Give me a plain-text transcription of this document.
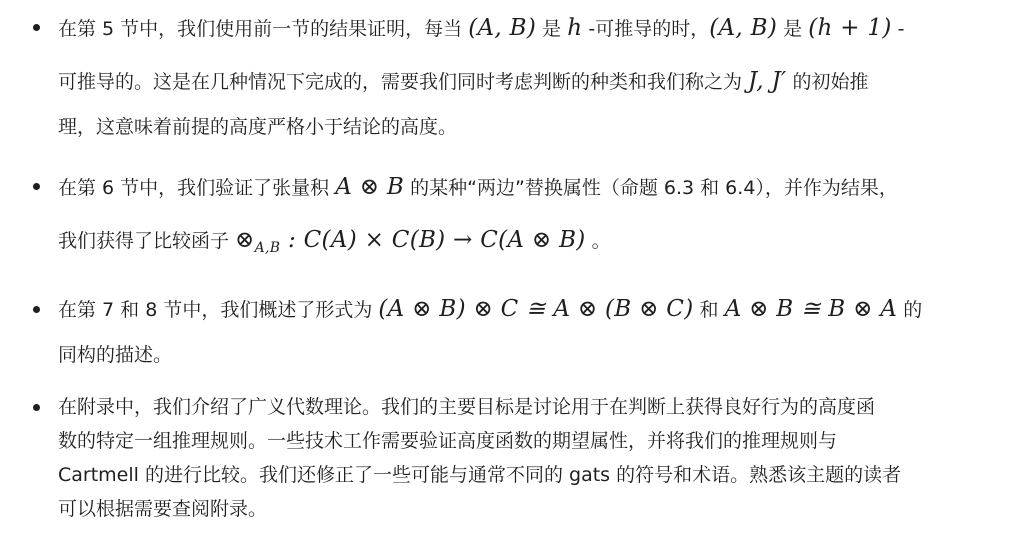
在第 5 节中，我们使用前一节的结果证明，每当 (A, B) 是 h -可推导的时，(A, B) 是 (h + 1) -
可推导的。这是在几种情况下完成的，需要我们同时考虑判断的种类和我们称之为 J, J′ 的初始推
理，这意味着前提的高度严格小于结论的高度。
在第 6 节中，我们验证了张量积 A ⊗ B 的某种“两边”替换属性（命题 6.3 和 6.4），并作为结果，
我们获得了比较函子 $\otimes_{A,B}$ : C(A) × C(B) → C(A ⊗ B) 。
在第 7 和 8 节中，我们概述了形式为 (A ⊗ B) ⊗ C ≅ A ⊗ (B ⊗ C) 和 A ⊗ B ≅ B ⊗ A 的
同构的描述。
在附录中，我们介绍了广义代数理论。我们的主要目标是讨论用于在判断上获得良好行为的高度函
数的特定一组推理规则。一些技术工作需要验证高度函数的期望属性，并将我们的推理规则与
Cartmell 的进行比较。我们还修正了一些可能与通常不同的 gats 的符号和术语。熟悉该主题的读者
可以根据需要查阅附录。
